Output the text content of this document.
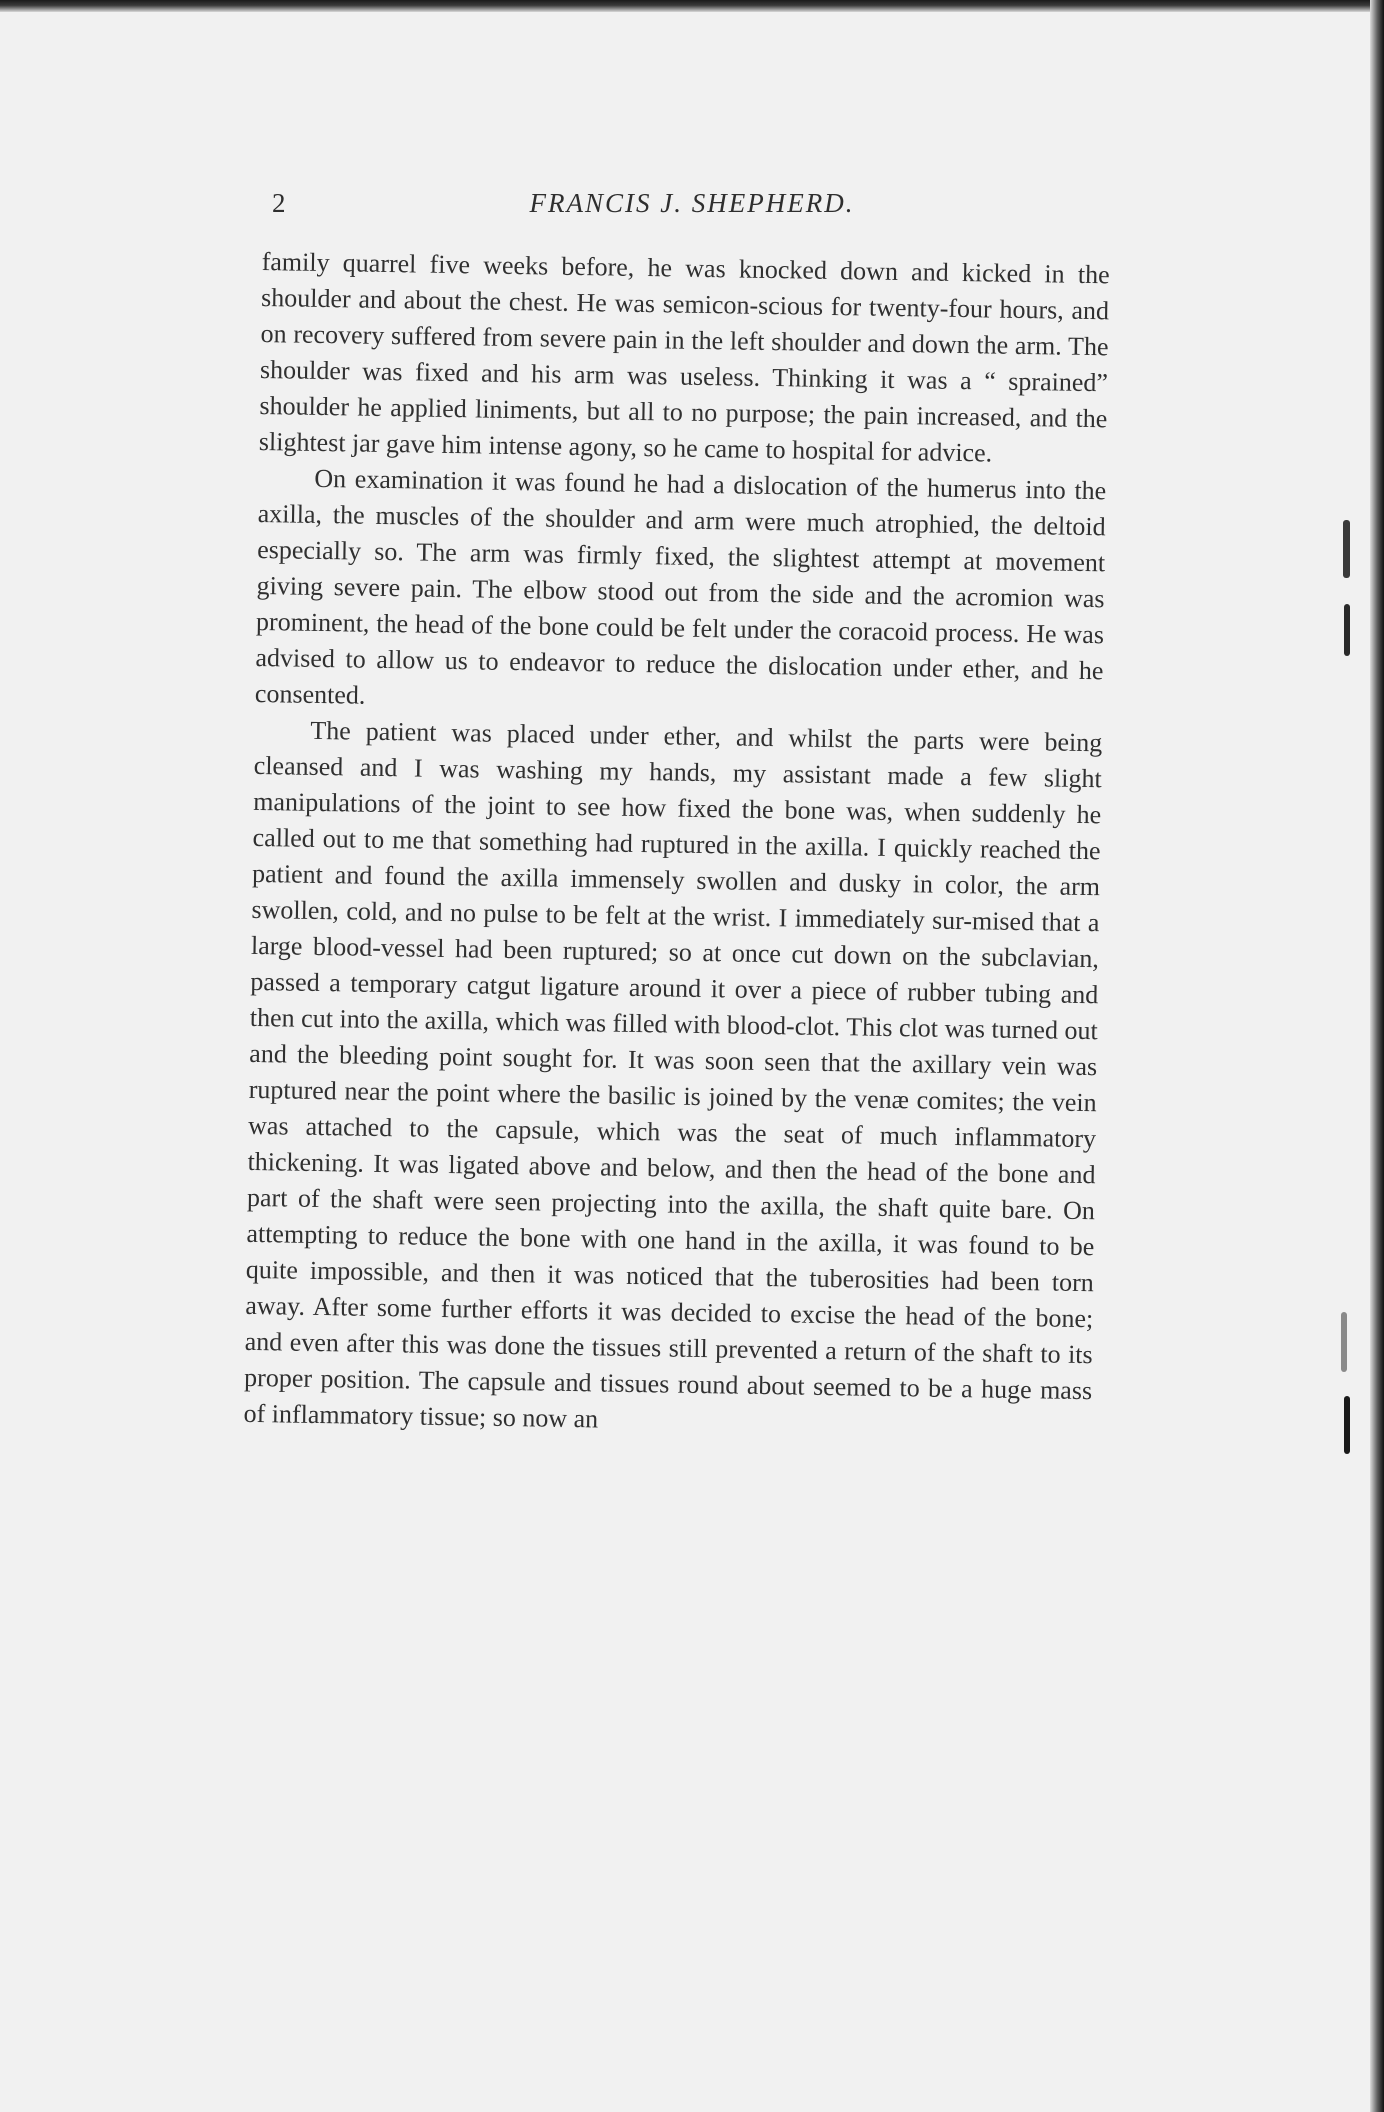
2	FRANCIS J. SHEPHERD.

family quarrel five weeks before, he was knocked down and kicked in the shoulder and about the chest. He was semicon-scious for twenty-four hours, and on recovery suffered from severe pain in the left shoulder and down the arm. The shoulder was fixed and his arm was useless. Thinking it was a “ sprained” shoulder he applied liniments, but all to no purpose; the pain increased, and the slightest jar gave him intense agony, so he came to hospital for advice.

On examination it was found he had a dislocation of the humerus into the axilla, the muscles of the shoulder and arm were much atrophied, the deltoid especially so. The arm was firmly fixed, the slightest attempt at movement giving severe pain. The elbow stood out from the side and the acromion was prominent, the head of the bone could be felt under the coracoid process. He was advised to allow us to endeavor to reduce the dislocation under ether, and he consented.

The patient was placed under ether, and whilst the parts were being cleansed and I was washing my hands, my assistant made a few slight manipulations of the joint to see how fixed the bone was, when suddenly he called out to me that something had ruptured in the axilla. I quickly reached the patient and found the axilla immensely swollen and dusky in color, the arm swollen, cold, and no pulse to be felt at the wrist. I immediately sur-mised that a large blood-vessel had been ruptured; so at once cut down on the subclavian, passed a temporary catgut ligature around it over a piece of rubber tubing and then cut into the axilla, which was filled with blood-clot. This clot was turned out and the bleeding point sought for. It was soon seen that the axillary vein was ruptured near the point where the basilic is joined by the venæ comites; the vein was attached to the capsule, which was the seat of much inflammatory thickening. It was ligated above and below, and then the head of the bone and part of the shaft were seen projecting into the axilla, the shaft quite bare. On attempting to reduce the bone with one hand in the axilla, it was found to be quite impossible, and then it was noticed that the tuberosities had been torn away. After some further efforts it was decided to excise the head of the bone; and even after this was done the tissues still prevented a return of the shaft to its proper position. The capsule and tissues round about seemed to be a huge mass of inflammatory tissue; so now an
